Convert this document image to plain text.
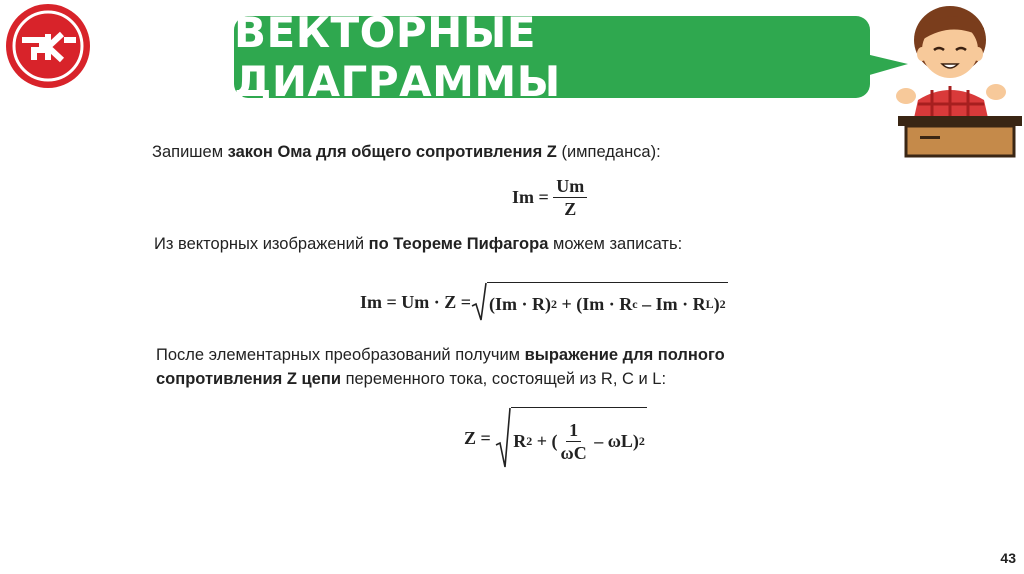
ВЕКТОРНЫЕ ДИАГРАММЫ
Запишем закон Ома для общего сопротивления Z (импеданса):
Im =
$\frac{Um}{Z}$
Из векторных изображений по Теореме Пифагора можем записать:
Im = Um · Z = (Im · R) 2
+ (Im · R c
– Im · R L ) 2
После элементарных преобразований получим выражение для полного
сопротивления Z цепи переменного тока, состоящей из R, C и L:
Z =
R 2
+ ( $\frac{1}{\omega C}$
– ωL) 2
43
